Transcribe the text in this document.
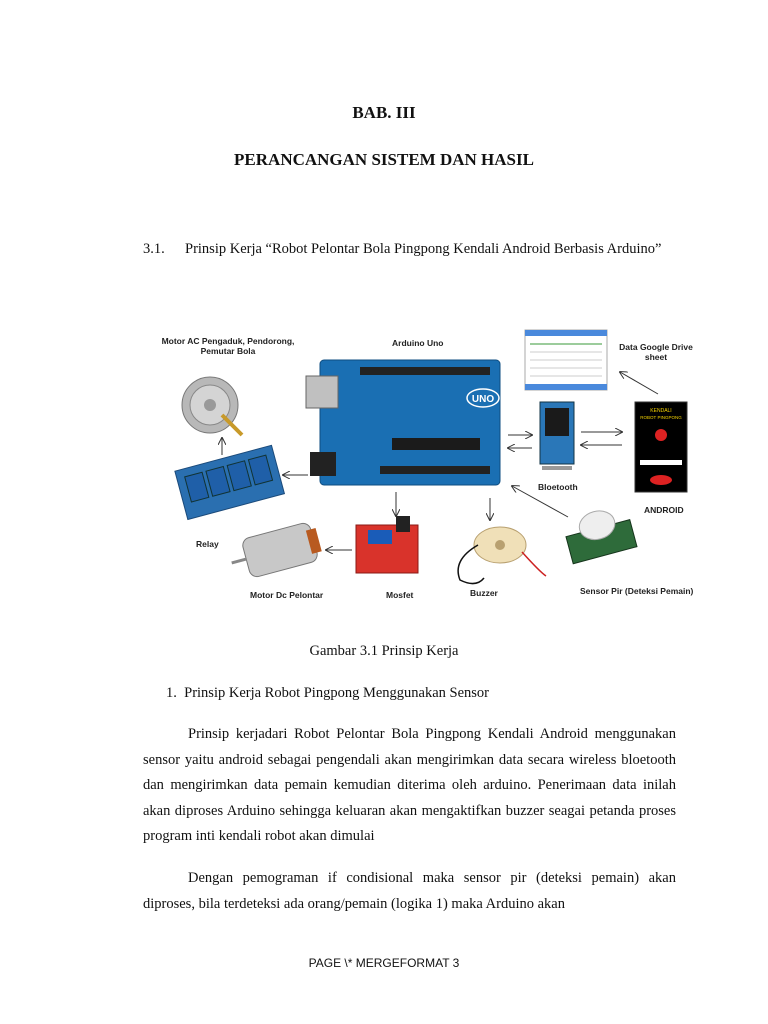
BAB. III
PERANCANGAN SISTEM DAN HASIL
3.1. Prinsip Kerja “Robot Pelontar Bola Pingpong Kendali Android Berbasis Arduino”
Motor AC Pengaduk, Pendorong,
Pemutar Bola
Relay
UNO
Arduino Uno	Data Google Drive
sheet
Bloetooth
KENDALI
ROBOT PINGPONG
ANDROID
Motor Dc Pelontar	Mosfet	Buzzer	Sensor Pir (Deteksi Pemain)
Gambar 3.1 Prinsip Kerja
1. Prinsip Kerja Robot Pingpong Menggunakan Sensor

Prinsip kerjadari Robot Pelontar Bola Pingpong Kendali Android menggunakan sensor yaitu android sebagai pengendali akan mengirimkan data secara wireless bloetooth dan mengirimkan data pemain kemudian diterima oleh arduino. Penerimaan data inilah akan diproses Arduino sehingga keluaran akan mengaktifkan buzzer seagai petanda proses program inti kendali robot akan dimulai

Dengan pemograman if condisional maka sensor pir (deteksi pemain) akan diproses, bila terdeteksi ada orang/pemain (logika 1) maka Arduino akan

PAGE \* MERGEFORMAT 3
